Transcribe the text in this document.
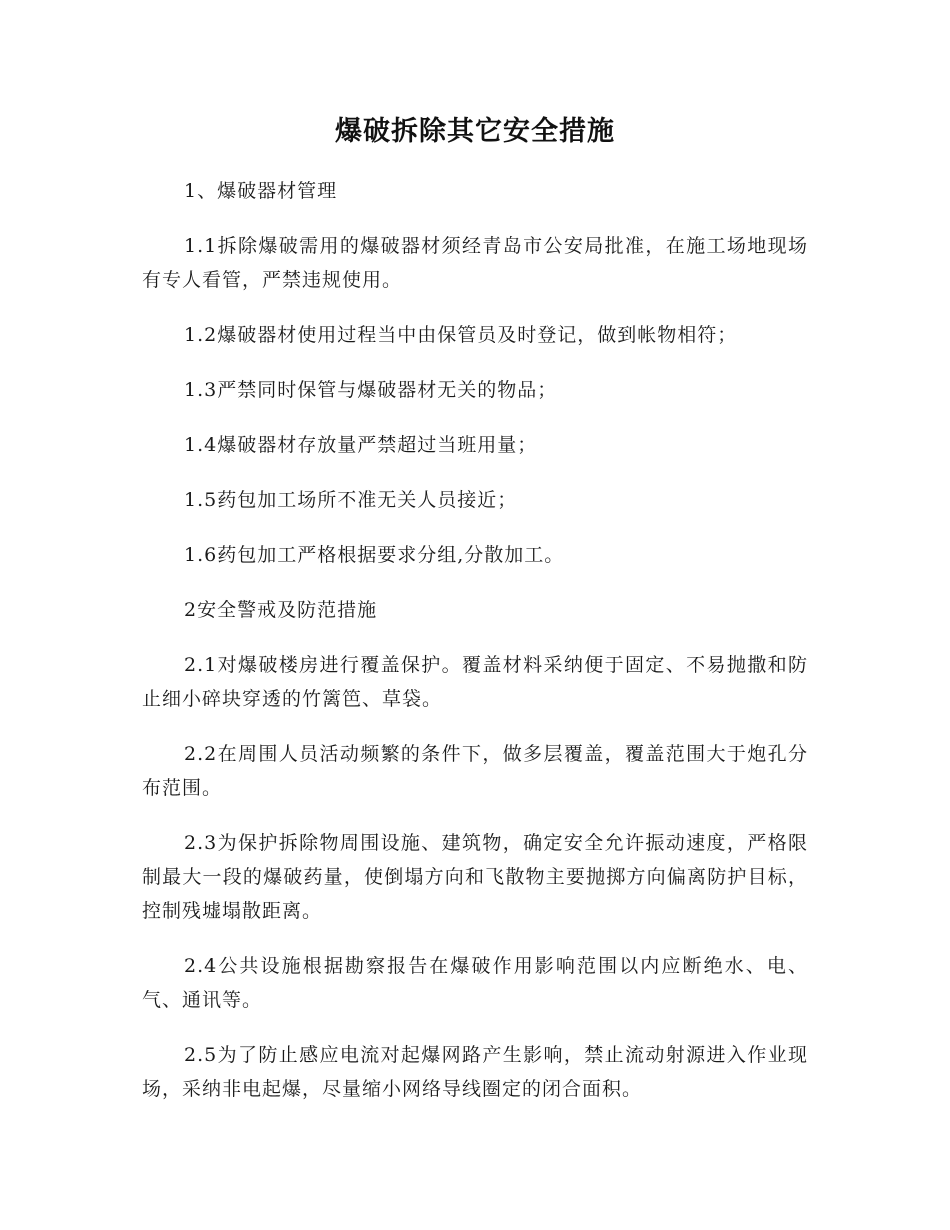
爆破拆除其它安全措施

1、爆破器材管理

1.1拆除爆破需用的爆破器材须经青岛市公安局批准，在施工场地现场有专人看管，严禁违规使用。

1.2爆破器材使用过程当中由保管员及时登记，做到帐物相符；

1.3严禁同时保管与爆破器材无关的物品；

1.4爆破器材存放量严禁超过当班用量；

1.5药包加工场所不准无关人员接近；

1.6药包加工严格根据要求分组,分散加工。

2安全警戒及防范措施

2.1对爆破楼房进行覆盖保护。覆盖材料采纳便于固定、不易抛撒和防止细小碎块穿透的竹篱笆、草袋。

2.2在周围人员活动频繁的条件下，做多层覆盖，覆盖范围大于炮孔分布范围。

2.3为保护拆除物周围设施、建筑物，确定安全允许振动速度，严格限制最大一段的爆破药量，使倒塌方向和飞散物主要抛掷方向偏离防护目标，控制残墟塌散距离。

2.4公共设施根据勘察报告在爆破作用影响范围以内应断绝水、电、气、通讯等。

2.5为了防止感应电流对起爆网路产生影响，禁止流动射源进入作业现场，采纳非电起爆，尽量缩小网络导线圈定的闭合面积。
